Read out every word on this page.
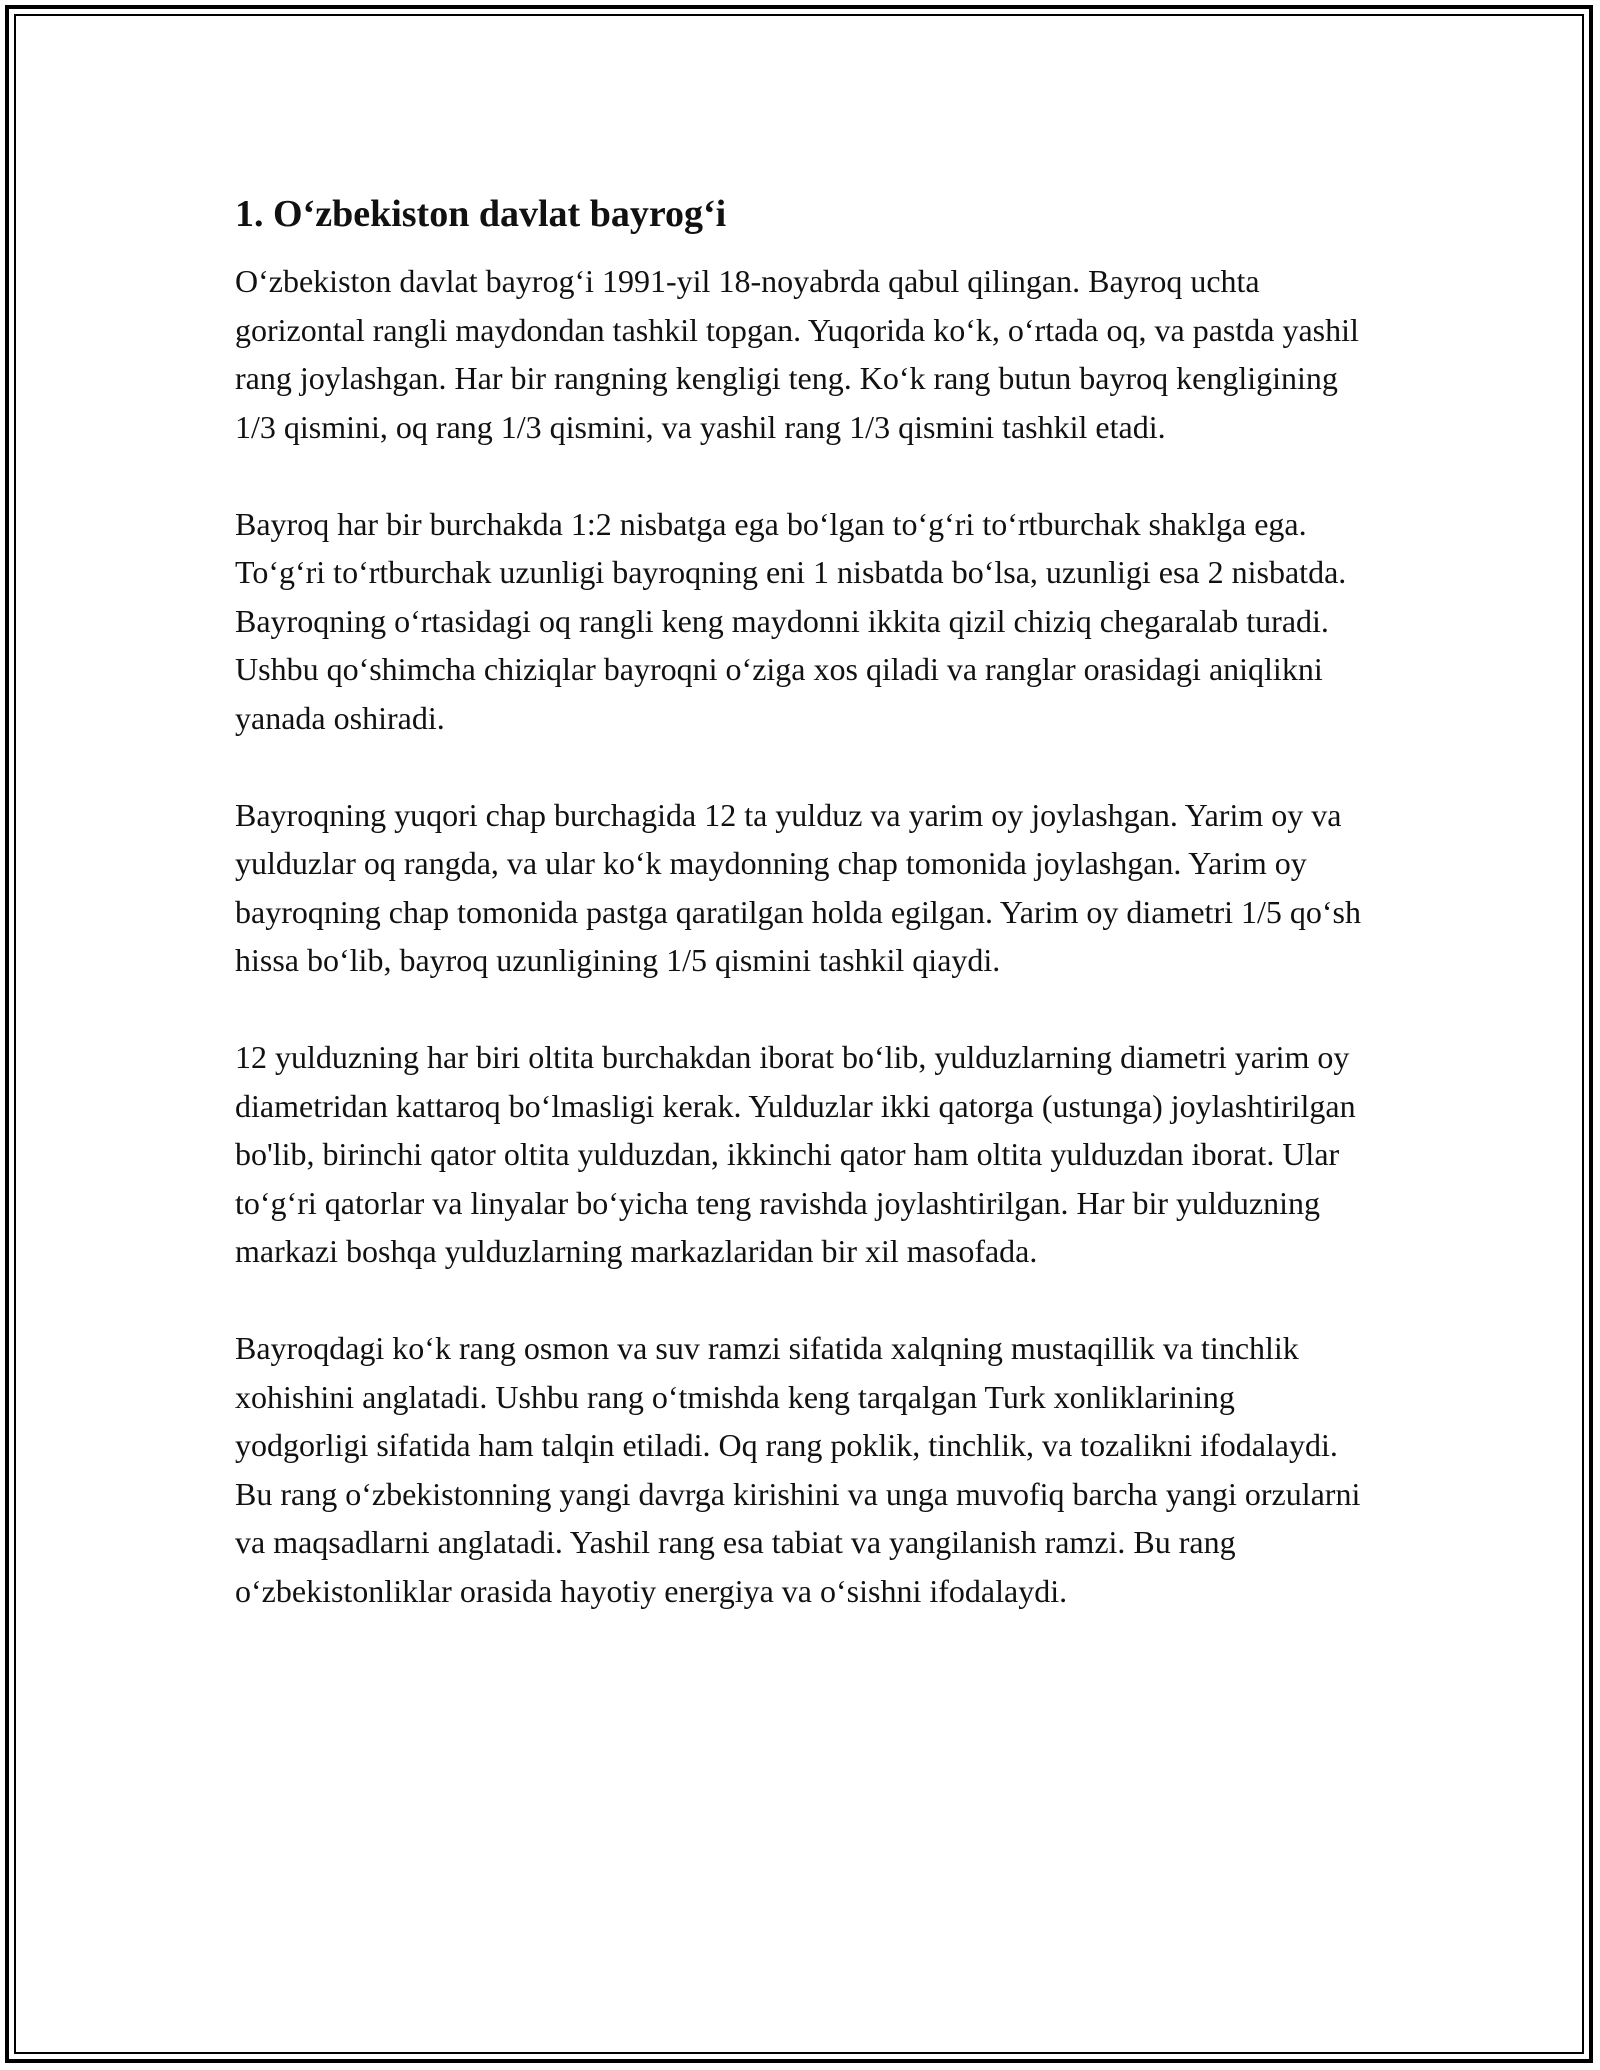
1. O‘zbekiston davlat bayrog‘i

O‘zbekiston davlat bayrog‘i 1991-yil 18-noyabrda qabul qilingan. Bayroq uchta gorizontal rangli maydondan tashkil topgan. Yuqorida ko‘k, o‘rtada oq, va pastda yashil rang joylashgan. Har bir rangning kengligi teng. Ko‘k rang butun bayroq kengligining 1/3 qismini, oq rang 1/3 qismini, va yashil rang 1/3 qismini tashkil etadi.

Bayroq har bir burchakda 1:2 nisbatga ega bo‘lgan to‘g‘ri to‘rtburchak shaklga ega. To‘g‘ri to‘rtburchak uzunligi bayroqning eni 1 nisbatda bo‘lsa, uzunligi esa 2 nisbatda. Bayroqning o‘rtasidagi oq rangli keng maydonni ikkita qizil chiziq chegaralab turadi. Ushbu qo‘shimcha chiziqlar bayroqni o‘ziga xos qiladi va ranglar orasidagi aniqlikni yanada oshiradi.

Bayroqning yuqori chap burchagida 12 ta yulduz va yarim oy joylashgan. Yarim oy va yulduzlar oq rangda, va ular ko‘k maydonning chap tomonida joylashgan. Yarim oy bayroqning chap tomonida pastga qaratilgan holda egilgan. Yarim oy diametri 1/5 qo‘sh hissa bo‘lib, bayroq uzunligining 1/5 qismini tashkil qiaydi.

12 yulduzning har biri oltita burchakdan iborat bo‘lib, yulduzlarning diametri yarim oy diametridan kattaroq bo‘lmasligi kerak. Yulduzlar ikki qatorga (ustunga) joylashtirilgan bo'lib, birinchi qator oltita yulduzdan, ikkinchi qator ham oltita yulduzdan iborat. Ular to‘g‘ri qatorlar va linyalar bo‘yicha teng ravishda joylashtirilgan. Har bir yulduzning markazi boshqa yulduzlarning markazlaridan bir xil masofada.

Bayroqdagi ko‘k rang osmon va suv ramzi sifatida xalqning mustaqillik va tinchlik xohishini anglatadi. Ushbu rang o‘tmishda keng tarqalgan Turk xonliklarining yodgorligi sifatida ham talqin etiladi. Oq rang poklik, tinchlik, va tozalikni ifodalaydi. Bu rang o‘zbekistonning yangi davrga kirishini va unga muvofiq barcha yangi orzularni va maqsadlarni anglatadi. Yashil rang esa tabiat va yangilanish ramzi. Bu rang o‘zbekistonliklar orasida hayotiy energiya va o‘sishni ifodalaydi.
